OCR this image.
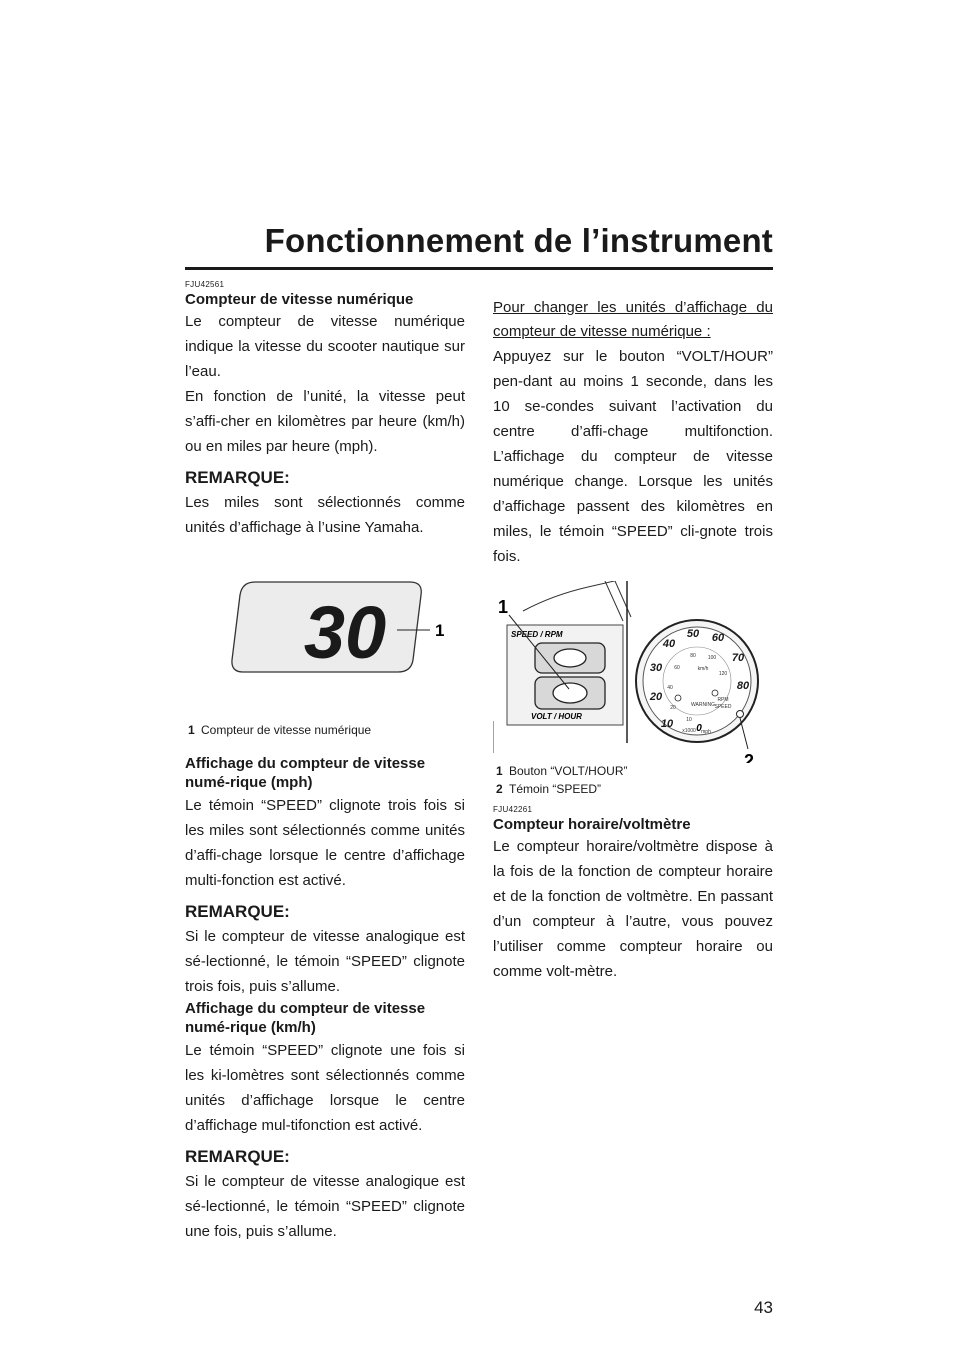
Fonctionnement de l’instrument
FJU42561
Compteur de vitesse numérique

Le compteur de vitesse numérique indique la vitesse du scooter nautique sur l’eau.

En fonction de l’unité, la vitesse peut s’affi-cher en kilomètres par heure (km/h) ou en miles par heure (mph).

REMARQUE:

Les miles sont sélectionnés comme unités d’affichage à l’usine Yamaha.

30	1
1 Compteur de vitesse numérique
Affichage du compteur de vitesse numé-rique (mph)

Le témoin “SPEED” clignote trois fois si les miles sont sélectionnés comme unités d’affi-chage lorsque le centre d’affichage multi-fonction est activé.

REMARQUE:

Si le compteur de vitesse analogique est sé-lectionné, le témoin “SPEED” clignote trois fois, puis s’allume.

Affichage du compteur de vitesse numé-rique (km/h)

Le témoin “SPEED” clignote une fois si les ki-lomètres sont sélectionnés comme unités d’affichage lorsque le centre d’affichage mul-tifonction est activé.

REMARQUE:

Si le compteur de vitesse analogique est sé-lectionné, le témoin “SPEED” clignote une fois, puis s’allume.

Pour changer les unités d’affichage du compteur de vitesse numérique :

Appuyez sur le bouton “VOLT/HOUR” pen-dant au moins 1 seconde, dans les 10 se-condes suivant l’activation du centre d’affi-chage multifonction. L’affichage du compteur de vitesse numérique change. Lorsque les unités d’affichage passent des kilomètres en miles, le témoin “SPEED” cli-gnote trois fois.

SPEED / RPM
VOLT / HOUR
1
10
20
30
40
50 60
70
80
20
40
60
80 100
120
km/h
WARNING SPEED
RPM
10
x1000 mph
0
2
1 Bouton “VOLT/HOUR”
2 Témoin “SPEED”
FJU42261
Compteur horaire/voltmètre

Le compteur horaire/voltmètre dispose à la fois de la fonction de compteur horaire et de la fonction de voltmètre. En passant d’un compteur à l’autre, vous pouvez l’utiliser comme compteur horaire ou comme volt-mètre.

43
